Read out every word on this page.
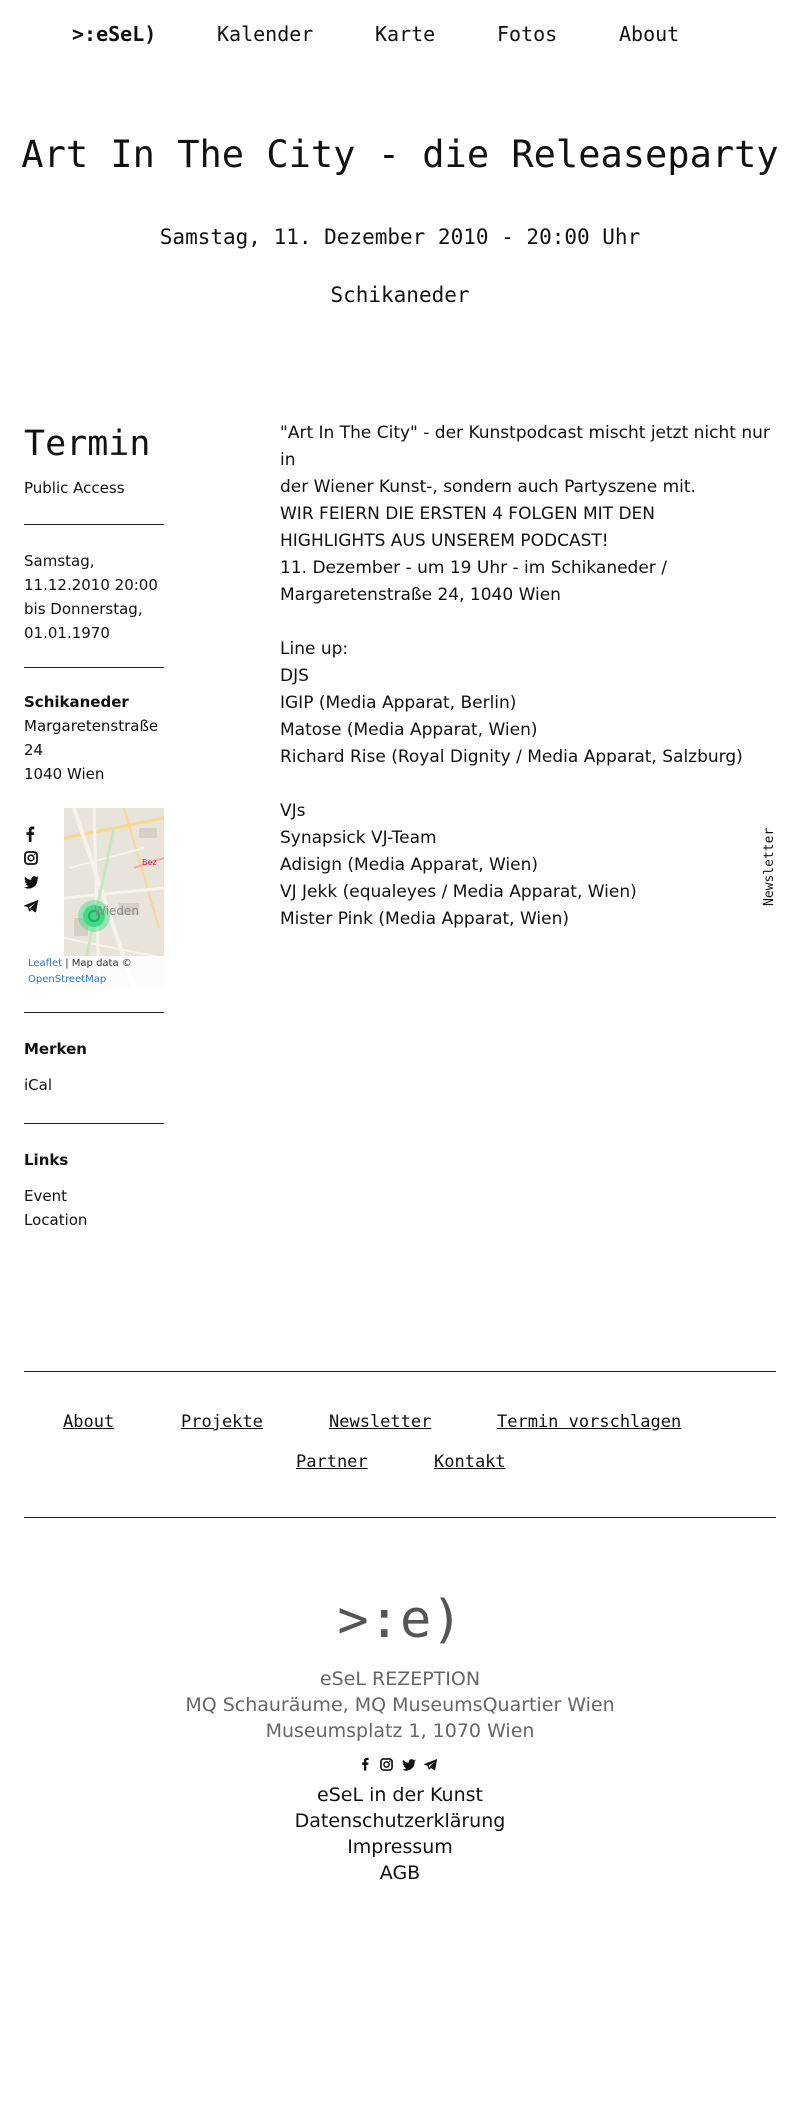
>:eSeL)	Kalender	Karte	Fotos	About
Art In The City - die Releaseparty
Samstag, 11. Dezember 2010 - 20:00 Uhr
Schikaneder
Termin
Public Access
Samstag,
11.12.2010 20:00
bis Donnerstag,
01.01.1970
Schikaneder
Margaretenstraße
24
1040 Wien
Wieden
Bez
Leaflet | Map data ©
OpenStreetMap
Merken
iCal
Links
Event
Location

"Art In The City" - der Kunstpodcast mischt jetzt nicht nur in

der Wiener Kunst-, sondern auch Partyszene mit.

WIR FEIERN DIE ERSTEN 4 FOLGEN MIT DEN

HIGHLIGHTS AUS UNSEREM PODCAST!

11. Dezember - um 19 Uhr - im Schikaneder /

Margaretenstraße 24, 1040 Wien

Line up:

DJS

IGIP (Media Apparat, Berlin)

Matose (Media Apparat, Wien)

Richard Rise (Royal Dignity / Media Apparat, Salzburg)

VJs

Synapsick VJ-Team

Adisign (Media Apparat, Wien)

VJ Jekk (equaleyes / Media Apparat, Wien)

Mister Pink (Media Apparat, Wien)

Newsletter
About	Projekte	Newsletter	Termin vorschlagen
Partner	Kontakt
>:e)
eSeL REZEPTION
MQ Schauräume, MQ MuseumsQuartier Wien
Museumsplatz 1, 1070 Wien
eSeL in der Kunst
Datenschutzerklärung
Impressum
AGB
